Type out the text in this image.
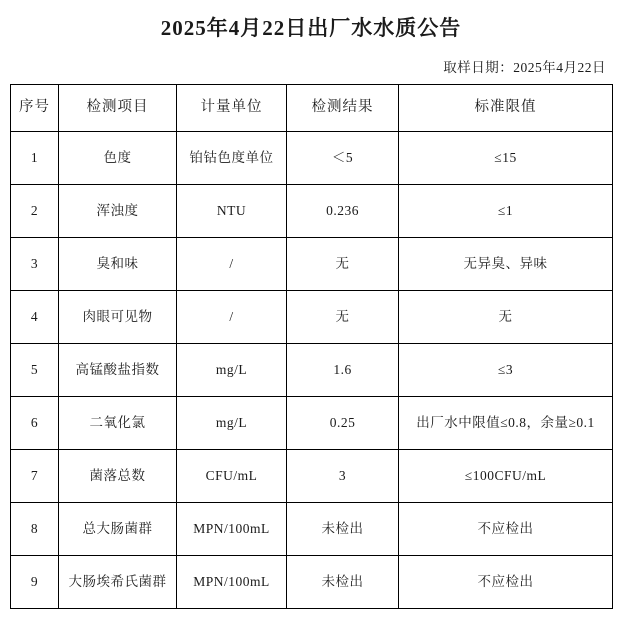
2025年4月22日出厂水水质公告
取样日期：2025年4月22日
序号	检测项目	计量单位	检测结果	标准限值
1	色度	铂钴色度单位	＜5	≤15
2	浑浊度	NTU	0.236	≤1
3	臭和味	/	无	无异臭、异味
4	肉眼可见物	/	无	无
5	高锰酸盐指数	mg/L	1.6	≤3
6	二氧化氯	mg/L	0.25	出厂水中限值≤0.8，余量≥0.1
7	菌落总数	CFU/mL	3	≤100CFU/mL
8	总大肠菌群	MPN/100mL	未检出	不应检出
9	大肠埃希氏菌群	MPN/100mL	未检出	不应检出
